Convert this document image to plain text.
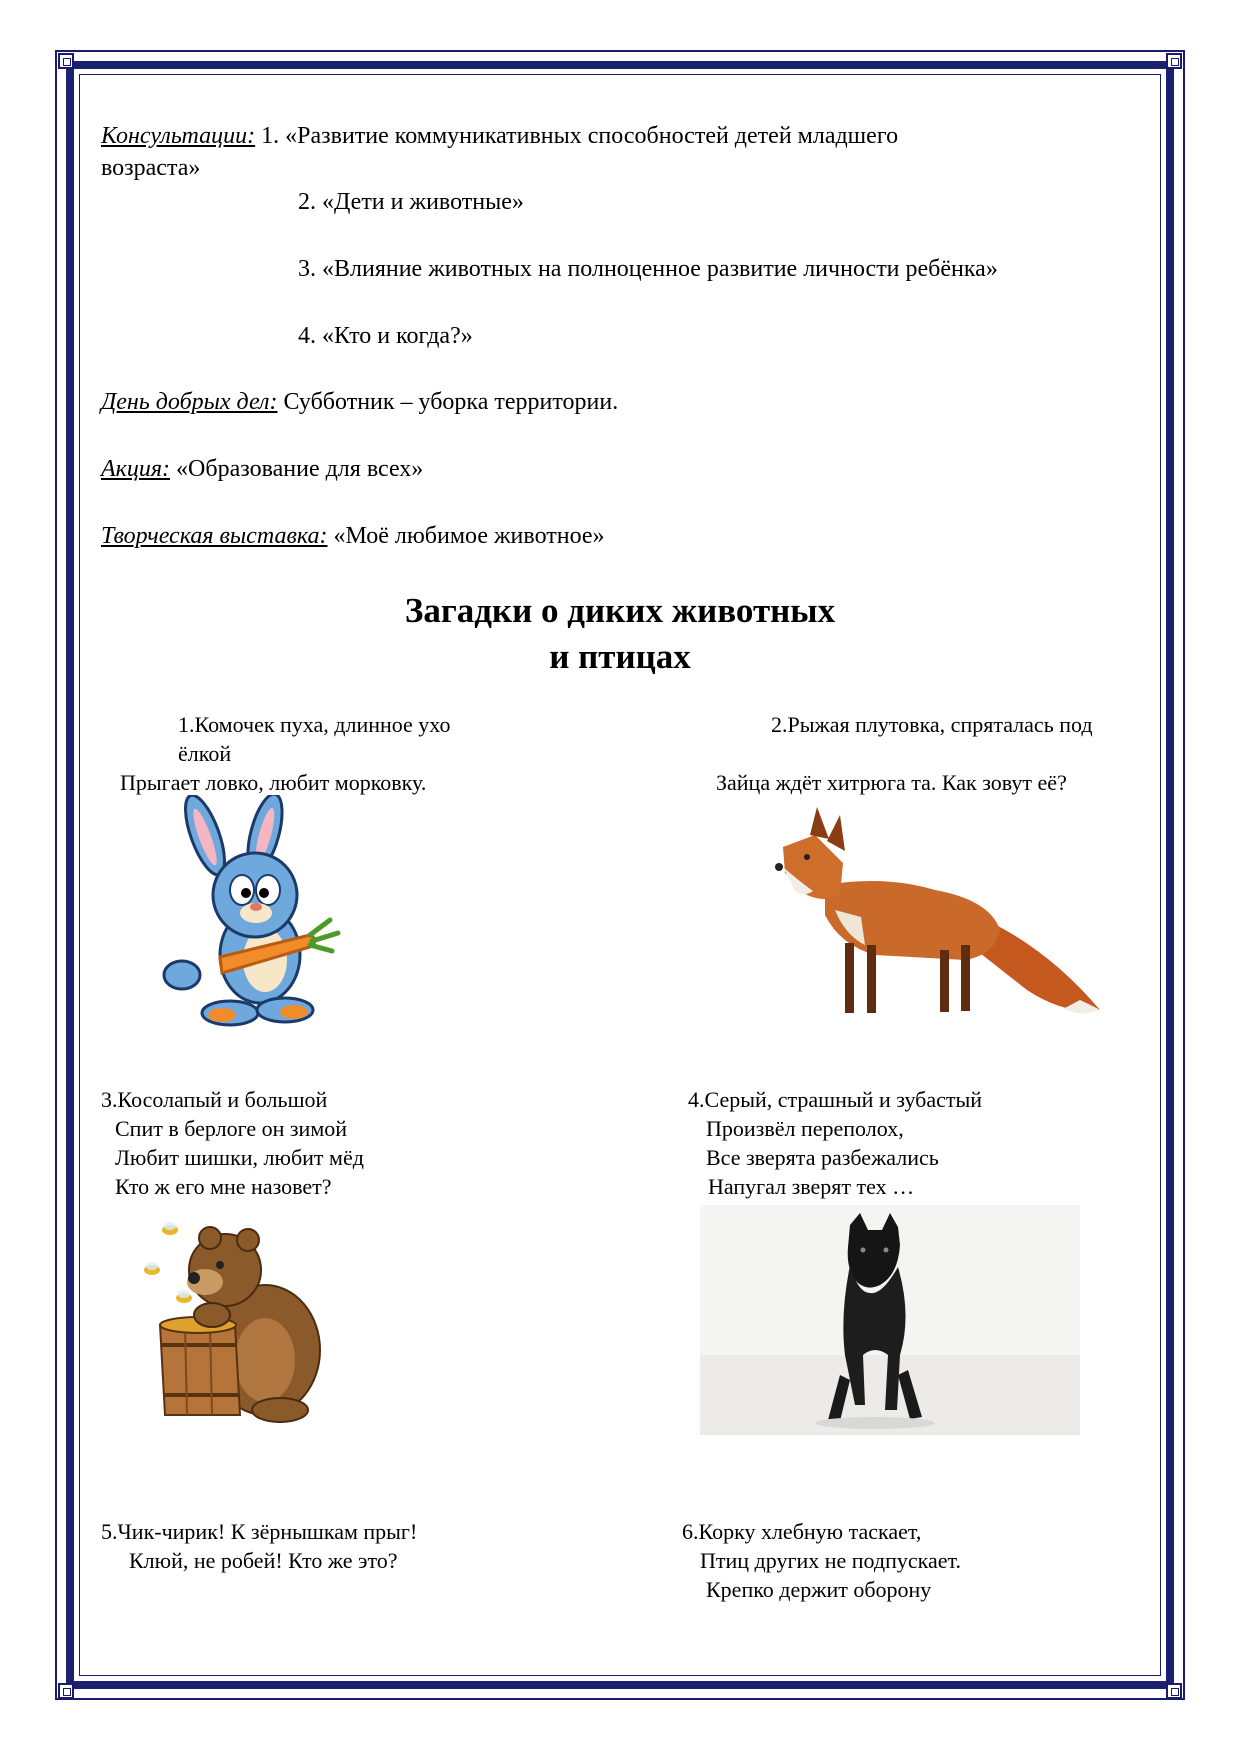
Консультации: 1. «Развитие коммуникативных способностей детей младшего
возраста»
2. «Дети и животные»
3. «Влияние животных на полноценное развитие личности ребёнка»
4. «Кто и когда?»
День добрых дел: Субботник – уборка территории.
Акция: «Образование для всех»
Творческая выставка: «Моё любимое животное»
Загадки о диких животных
и птицах
1.Комочек пуха, длинное ухо
ёлкой
Прыгает ловко, любит морковку.
2.Рыжая плутовка, спряталась под
Зайца ждёт хитрюга та. Как зовут её?
3.Косолапый и большой
Спит в берлоге он зимой
Любит шишки, любит мёд
Кто ж его мне назовет?
4.Серый, страшный и зубастый
Произвёл переполох,
Все зверята разбежались
Напугал зверят тех …
5.Чик-чирик! К зёрнышкам прыг!
Клюй, не робей! Кто же это?
6.Корку хлебную таскает,
Птиц других не подпускает.
Крепко держит оборону
